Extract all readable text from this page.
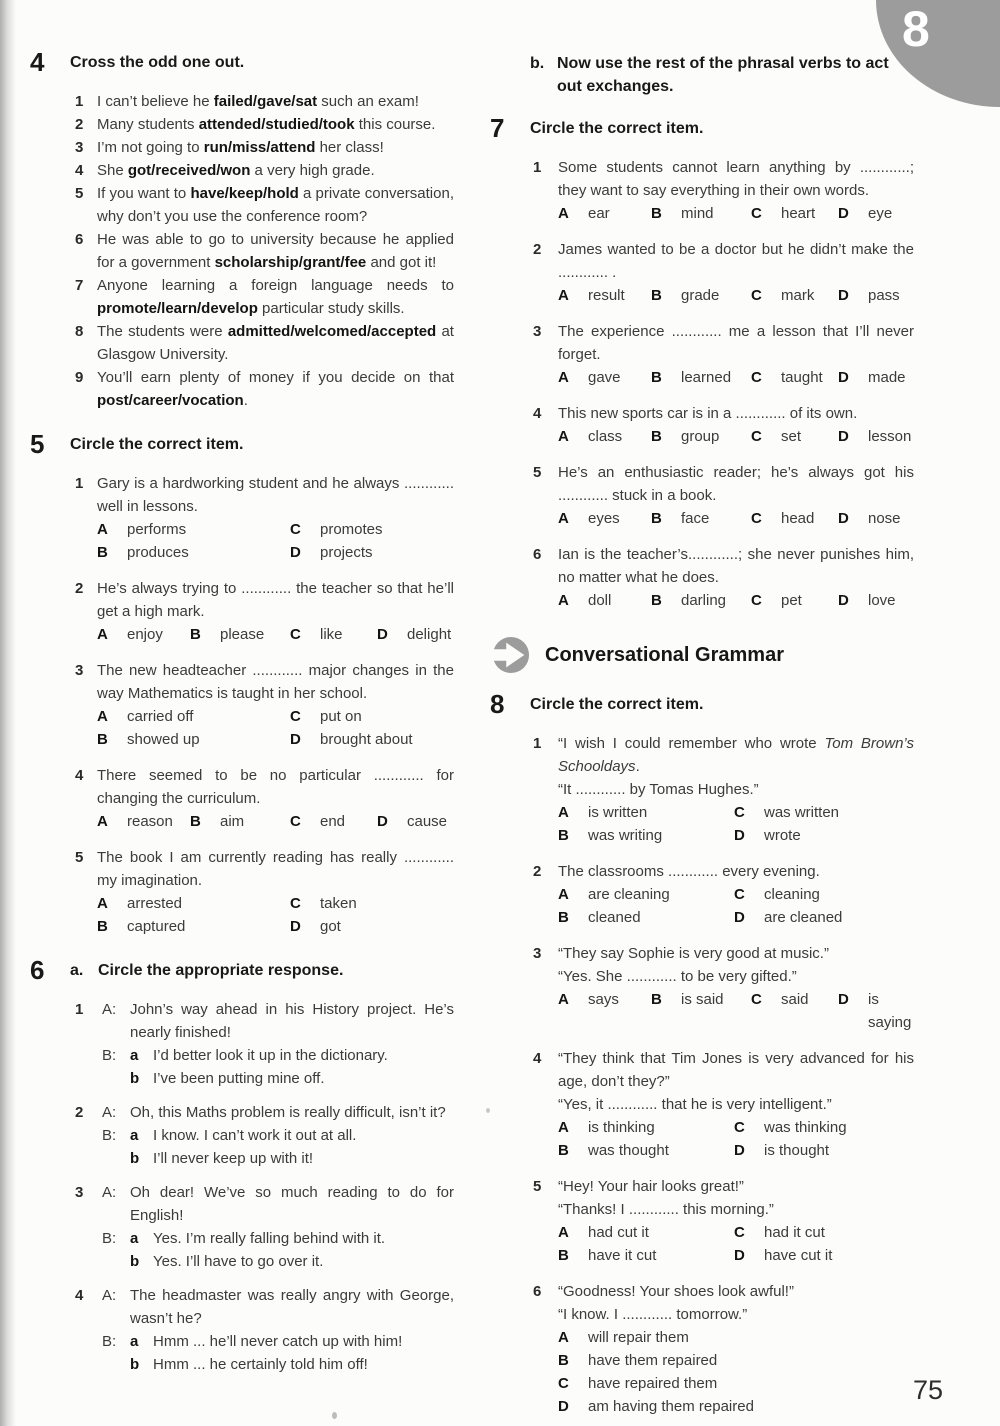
8
4	Cross the odd one out.
1 I can’t believe he failed/gave/sat such an exam!

2 Many students attended/studied/took this course.

3 I’m not going to run/miss/attend her class!

4 She got/received/won a very high grade.

5 If you want to have/keep/hold a private conversation, why don’t you use the conference room?

6 He was able to go to university because he applied for a government scholarship/grant/fee and got it!

7 Anyone learning a foreign language needs to promote/learn/develop particular study skills.

8 The students were admitted/welcomed/accepted at Glasgow University.

9 You’ll earn plenty of money if you decide on that post/career/vocation.

5	Circle the correct item.
1 Gary is a hardworking student and he always ............ well in lessons.

A	performs
B	produces
C	promotes
D	projects
2 He’s always trying to ............ the teacher so that he’ll get a high mark.

A	enjoy B	please C	like D	delight
3 The new headteacher ............ major changes in the way Mathematics is taught in her school.

A	carried off
B	showed up
C	put on
D	brought about
4 There seemed to be no particular ............ for changing the curriculum.

A	reason B	aim	C	end D	cause
5 The book I am currently reading has really ............ my imagination.

A	arrested
B	captured
C	taken
D	got
6	a. Circle the appropriate response.
1	A: John’s way ahead in his History project. He’s nearly finished!

B: a I’d better look it up in the dictionary.

b I’ve been putting mine off.

2	A: Oh, this Maths problem is really difficult, isn’t it?

B: a I know. I can’t work it out at all.

b I’ll never keep up with it!

3	A: Oh dear! We’ve so much reading to do for English!

B: a Yes. I’m really falling behind with it.

b Yes. I’ll have to go over it.

4	A: The headmaster was really angry with George, wasn’t he?

B: a Hmm ... he’ll never catch up with him!

b Hmm ... he certainly told him off!

b. Now use the rest of the phrasal verbs to act out exchanges.
7	Circle the correct item.
1	Some students cannot learn anything by ............; they want to say everything in their own words.

A	ear	B	mind C	heart D	eye
2	James wanted to be a doctor but he didn’t make the ............ .

A	result B	grade C	mark D	pass
3	The experience ............ me a lesson that I’ll never forget.

A	gave B	learned C	taught D	made
4	This new sports car is in a ............ of its own.

A	class B	group C	set D	lesson
5	He’s an enthusiastic reader; he’s always got his ............ stuck in a book.

A	eyes B	face	C	head D	nose
6	Ian is the teacher’s............; she never punishes him, no matter what he does.

A	doll	B	darling C	pet D	love
Conversational Grammar
8	Circle the correct item.
1	“I wish I could remember who wrote Tom Brown’s Schooldays.

“It ............ by Tomas Hughes.”

A	is written
B	was writing
C	was written
D	wrote
2	The classrooms ............ every evening.

A	are cleaning
B	cleaned
C	cleaning
D	are cleaned
3	“They say Sophie is very good at music.”

“Yes. She ............ to be very gifted.”

A	says B	is said C	said D	is saying
4	“They think that Tim Jones is very advanced for his age, don’t they?”

“Yes, it ............ that he is very intelligent.”

A	is thinking
B	was thought
C	was thinking
D	is thought
5	“Hey! Your hair looks great!”

“Thanks! I ............ this morning.”

A	had cut it
B	have it cut
C	had it cut
D	have cut it
6	“Goodness! Your shoes look awful!”

“I know. I ............ tomorrow.”

A	will repair them
B	have them repaired
C	have repaired them
D	am having them repaired
75
